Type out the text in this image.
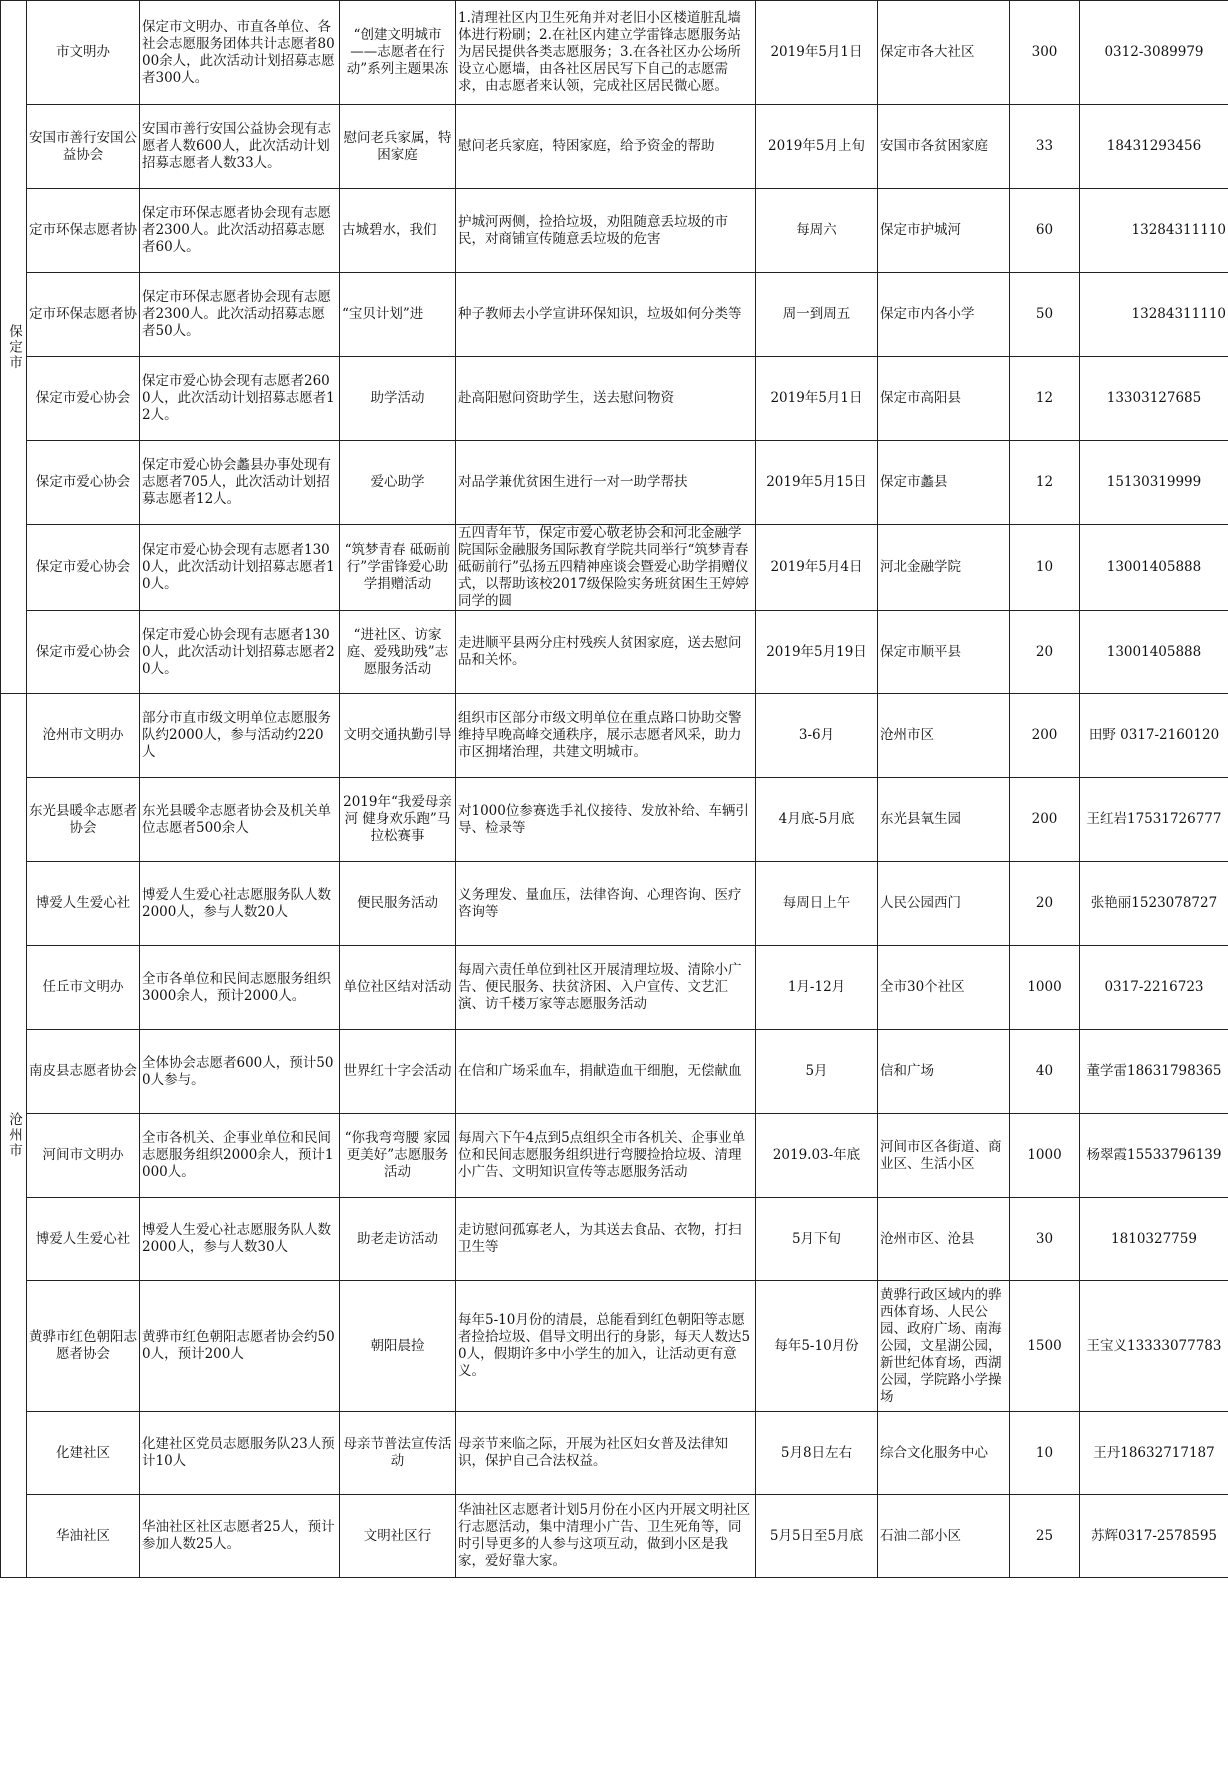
保定市	市文明办	保定市文明办、市直各单位、各社会志愿服务团体共计志愿者8000余人，此次活动计划招募志愿者300人。	“创建文明城市——志愿者在行动”系列主题果冻	1.清理社区内卫生死角并对老旧小区楼道脏乱墙体进行粉刷；2.在社区内建立学雷锋志愿服务站为居民提供各类志愿服务；3.在各社区办公场所设立心愿墙，由各社区居民写下自己的志愿需求，由志愿者来认领，完成社区居民微心愿。	2019年5月1日	保定市各大社区	300	0312-3089979

	安国市善行安国公益协会	安国市善行安国公益协会现有志愿者人数600人，此次活动计划招募志愿者人数33人。	慰问老兵家属，特困家庭	慰问老兵家庭，特困家庭，给予资金的帮助	2019年5月上旬	安国市各贫困家庭	33	18431293456

	定市环保志愿者协	保定市环保志愿者协会现有志愿者2300人。此次活动招募志愿者60人。	古城碧水，我们	护城河两侧，捡拾垃圾，劝阻随意丢垃圾的市民，对商铺宣传随意丢垃圾的危害	每周六	保定市护城河	60	13284311110

	定市环保志愿者协	保定市环保志愿者协会现有志愿者2300人。此次活动招募志愿者50人。	“宝贝计划”进	种子教师去小学宣讲环保知识，垃圾如何分类等	周一到周五	保定市内各小学	50	13284311110

	保定市爱心协会	保定市爱心协会现有志愿者2600人，此次活动计划招募志愿者12人。	助学活动	赴高阳慰问资助学生，送去慰问物资	2019年5月1日	保定市高阳县	12	13303127685

	保定市爱心协会	保定市爱心协会蠡县办事处现有志愿者705人，此次活动计划招募志愿者12人。	爱心助学	对品学兼优贫困生进行一对一助学帮扶	2019年5月15日	保定市蠡县	12	15130319999

	保定市爱心协会	保定市爱心协会现有志愿者1300人，此次活动计划招募志愿者10人。	“筑梦青春 砥砺前行”学雷锋爱心助学捐赠活动	五四青年节，保定市爱心敬老协会和河北金融学院国际金融服务国际教育学院共同举行“筑梦青春 砥砺前行”弘扬五四精神座谈会暨爱心助学捐赠仪式，以帮助该校2017级保险实务班贫困生王婷婷同学的圆	2019年5月4日	河北金融学院	10	13001405888

	保定市爱心协会	保定市爱心协会现有志愿者1300人，此次活动计划招募志愿者20人。	“进社区、访家庭、爱残助残”志愿服务活动	走进顺平县两分庄村残疾人贫困家庭，送去慰问品和关怀。	2019年5月19日	保定市顺平县	20	13001405888

沧州市	沧州市文明办	部分市直市级文明单位志愿服务队约2000人，参与活动约220人	文明交通执勤引导	组织市区部分市级文明单位在重点路口协助交警维持早晚高峰交通秩序，展示志愿者风采，助力市区拥堵治理，共建文明城市。	3-6月	沧州市区	200	田野 0317-2160120

	东光县暖伞志愿者协会	东光县暖伞志愿者协会及机关单位志愿者500余人	2019年“我爱母亲河 健身欢乐跑”马拉松赛事	对1000位参赛选手礼仪接待、发放补给、车辆引导、检录等	4月底-5月底	东光县氧生园	200	王红岩17531726777

	博爱人生爱心社	博爱人生爱心社志愿服务队人数2000人，参与人数20人	便民服务活动	义务理发、量血压，法律咨询、心理咨询、医疗咨询等	每周日上午	人民公园西门	20	张艳丽1523078727

	任丘市文明办	全市各单位和民间志愿服务组织3000余人，预计2000人。	单位社区结对活动	每周六责任单位到社区开展清理垃圾、清除小广告、便民服务、扶贫济困、入户宣传、文艺汇演、访千楼万家等志愿服务活动	1月-12月	全市30个社区	1000	0317-2216723

	南皮县志愿者协会	全体协会志愿者600人，预计500人参与。	世界红十字会活动	在信和广场采血车，捐献造血干细胞，无偿献血	5月	信和广场	40	董学雷18631798365

	河间市文明办	全市各机关、企事业单位和民间志愿服务组织2000余人，预计1000人。	“你我弯弯腰 家园更美好”志愿服务活动	每周六下午4点到5点组织全市各机关、企事业单位和民间志愿服务组织进行弯腰捡拾垃圾、清理小广告、文明知识宣传等志愿服务活动	2019.03-年底	河间市区各街道、商业区、生活小区	1000	杨翠霞15533796139

	博爱人生爱心社	博爱人生爱心社志愿服务队人数2000人，参与人数30人	助老走访活动	走访慰问孤寡老人，为其送去食品、衣物，打扫卫生等	5月下旬	沧州市区、沧县	30	1810327759

	黄骅市红色朝阳志愿者协会	黄骅市红色朝阳志愿者协会约500人，预计200人	朝阳晨捡	每年5-10月份的清晨，总能看到红色朝阳等志愿者捡拾垃圾、倡导文明出行的身影，每天人数达50人，假期许多中小学生的加入，让活动更有意义。	每年5-10月份	黄骅行政区域内的骅西体育场、人民公园、政府广场、南海公园，文星湖公园，新世纪体育场，西湖公园，学院路小学操场	1500	王宝义13333077783

	化建社区	化建社区党员志愿服务队23人预计10人	母亲节普法宣传活动	母亲节来临之际，开展为社区妇女普及法律知识，保护自己合法权益。	5月8日左右	综合文化服务中心	10	王丹18632717187

	华油社区	华油社区社区志愿者25人，预计参加人数25人。	文明社区行	华油社区志愿者计划5月份在小区内开展文明社区行志愿活动，集中清理小广告、卫生死角等，同时引导更多的人参与这项互动，做到小区是我家，爱好靠大家。	5月5日至5月底	石油二部小区	25	苏辉0317-2578595
